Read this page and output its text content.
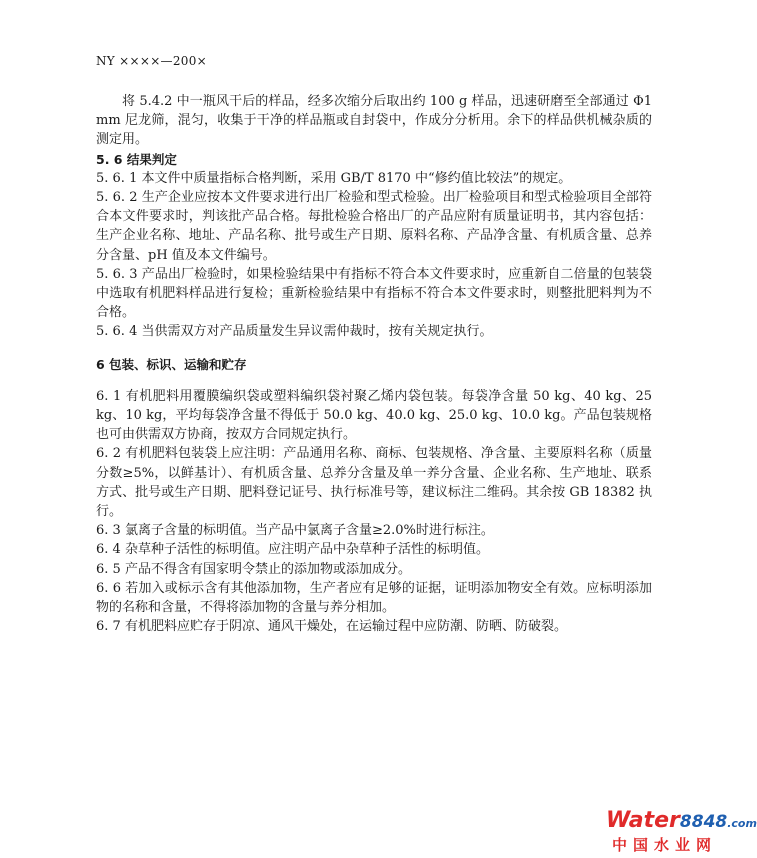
NY ××××—200×

将 5.4.2 中一瓶风干后的样品，经多次缩分后取出约 100 g 样品，迅速研磨至全部通过 Φ1 mm 尼龙筛，混匀，收集于干净的样品瓶或自封袋中，作成分分析用。余下的样品供机械杂质的测定用。

5. 6 结果判定

5. 6. 1 本文件中质量指标合格判断，采用 GB/T 8170 中“修约值比较法”的规定。

5. 6. 2 生产企业应按本文件要求进行出厂检验和型式检验。出厂检验项目和型式检验项目全部符合本文件要求时，判该批产品合格。每批检验合格出厂的产品应附有质量证明书，其内容包括：生产企业名称、地址、产品名称、批号或生产日期、原料名称、产品净含量、有机质含量、总养分含量、pH 值及本文件编号。

5. 6. 3 产品出厂检验时，如果检验结果中有指标不符合本文件要求时，应重新自二倍量的包装袋中选取有机肥料样品进行复检；重新检验结果中有指标不符合本文件要求时，则整批肥料判为不合格。

5. 6. 4 当供需双方对产品质量发生异议需仲裁时，按有关规定执行。

6 包装、标识、运输和贮存

6. 1 有机肥料用覆膜编织袋或塑料编织袋衬聚乙烯内袋包装。每袋净含量 50 kg、40 kg、25 kg、10 kg，平均每袋净含量不得低于 50.0 kg、40.0 kg、25.0 kg、10.0 kg。产品包装规格也可由供需双方协商，按双方合同规定执行。

6. 2 有机肥料包装袋上应注明：产品通用名称、商标、包装规格、净含量、主要原料名称（质量分数≥5%，以鲜基计）、有机质含量、总养分含量及单一养分含量、企业名称、生产地址、联系方式、批号或生产日期、肥料登记证号、执行标准号等，建议标注二维码。其余按 GB 18382 执行。

6. 3 氯离子含量的标明值。当产品中氯离子含量≥2.0%时进行标注。

6. 4 杂草种子活性的标明值。应注明产品中杂草种子活性的标明值。

6. 5 产品不得含有国家明令禁止的添加物或添加成分。

6. 6 若加入或标示含有其他添加物，生产者应有足够的证据，证明添加物安全有效。应标明添加物的名称和含量，不得将添加物的含量与养分相加。

6. 7 有机肥料应贮存于阴凉、通风干燥处，在运输过程中应防潮、防晒、防破裂。

Water8848.com
中国水业网
